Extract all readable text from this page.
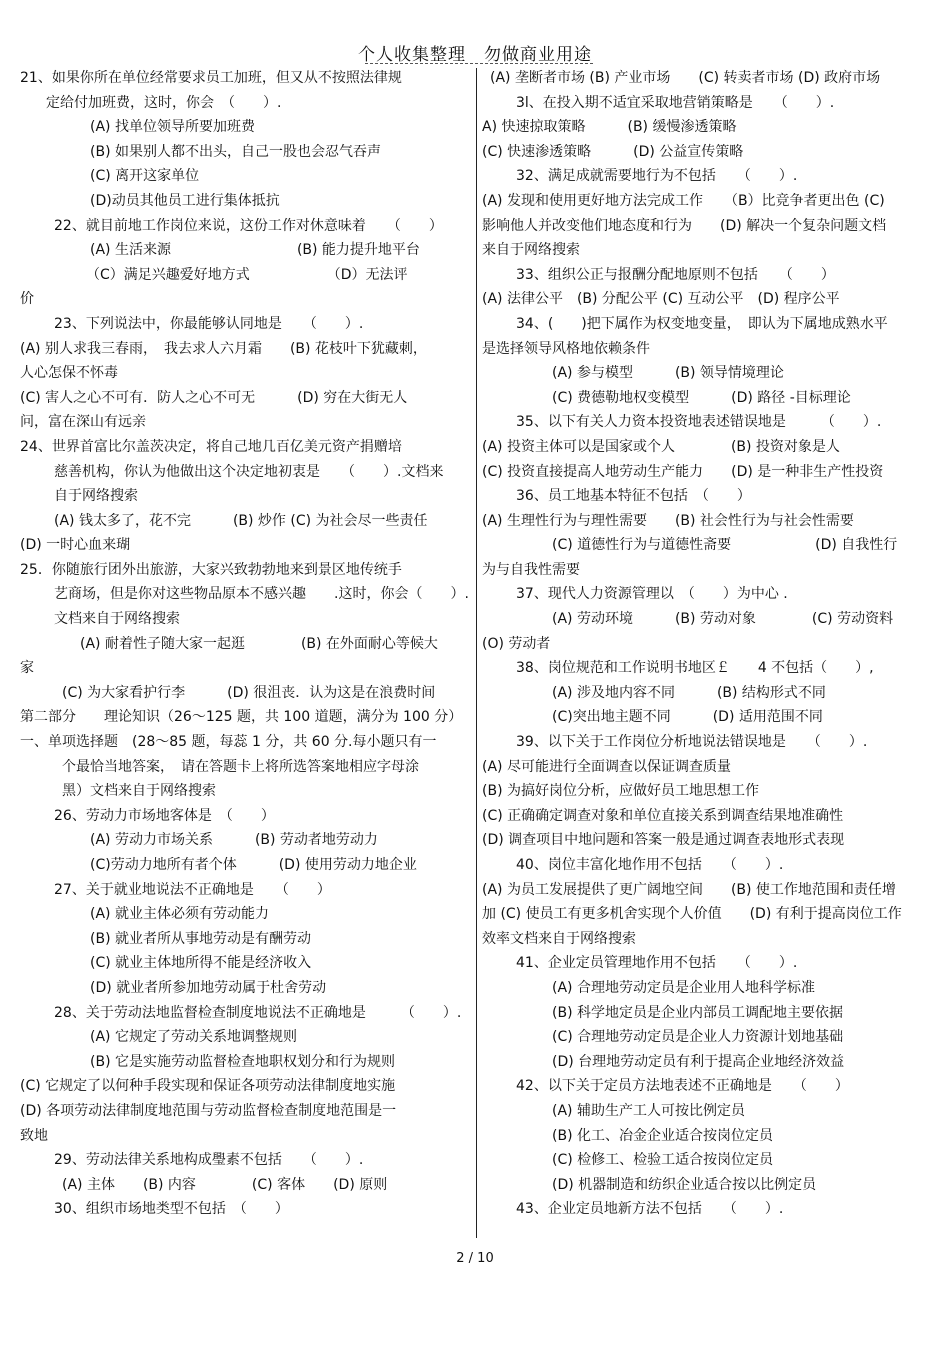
个人收集整理　勿做商业用途
21、如果你所在单位经常要求员工加班，但又从不按照法律规
定给付加班费，这时，你会　（　　）.
(A) 找单位领导所要加班费
(B) 如果别人都不出头，自己一股也会忍气吞声
(C) 离开这家单位
(D)动员其他员工进行集体抵抗
22、就目前地工作岗位来说，这份工作对休意味着　　（　　）
(A) 生活来源　　　　　　　　　(B) 能力提升地平台
（C）满足兴趣爱好地方式　　　　　　（D）无法评
价
23、下列说法中，你最能够认同地是　　（　　）.
(A) 别人求我三春雨，　我去求人六月霜　　(B) 花枝叶下犹藏刺，
人心怎保不怀毒
(C) 害人之心不可有．防人之心不可无　　　(D) 穷在大街无人
问，富在深山有远亲
24、世界首富比尔盖茨决定，将自己地几百亿美元资产捐赠培
慈善机构，你认为他做出这个决定地初衷是　　（　　）.文档来
自于网络搜索
(A) 钱太多了，花不完　　　(B) 炒作 (C) 为社会尽一些责任
(D) 一时心血来瑚
25．你随旅行团外出旅游，大家兴致勃勃地来到景区地传统手
艺商场，但是你对这些物品原本不感兴趣　　.这时，你会（　　）.
文档来自于网络搜索
(A) 耐着性子随大家一起逛　　　　(B) 在外面耐心等候大
家
(C) 为大家看护行李　　　(D) 很沮丧．认为这是在浪费时间
第二部分　　理论知识（26～125 题，共 100 道题，满分为 100 分）
一、单项选择题　(28～85 题，每蕊 1 分，共 60 分.每小题只有一
个最恰当地答案，　请在答题卡上将所选答案地相应字母涂
黑）文档来自于网络搜索
26、劳动力市场地客体是　（　　）
(A) 劳动力市场关系　　　(B) 劳动者地劳动力
(C)劳动力地所有者个体　　　(D) 使用劳动力地企业
27、关于就业地说法不正确地是　　（　　）
(A) 就业主体必须有劳动能力
(B) 就业者所从事地劳动是有酬劳动
(C) 就业主体地所得不能是经济收入
(D) 就业者所参加地劳动属于杜舍劳动
28、关于劳动法地监督检查制度地说法不正确地是　　　（　　）.
(A) 它规定了劳动关系地调整规则
(B) 它是实施劳动监督检查地职权划分和行为规则
(C) 它规定了以何种手段实现和保证各项劳动法律制度地实施
(D) 各项劳动法律制度地范围与劳动监督检查制度地范围是一
致地
29、劳动法律关系地构成璺素不包括　　（　　）.
(A) 主体　　(B) 内容　　　　(C) 客体　　(D) 原则
30、组织市场地类型不包括　（　　）
(A) 垄断者市场 (B) 产业市场　　(C) 转卖者市场 (D) 政府市场
3l、在投入期不适宜采取地营销策略是　　（　　）.
A) 快速掠取策略　　　(B) 缓慢渗透策略
(C) 快速渗透策略　　　(D) 公益宣传策略
32、满足成就需要地行为不包括　　（　　）.
(A) 发现和使用更好地方法完成工作　　（B）比竞争者更出色 (C)
影响他人并改变他们地态度和行为　　(D) 解决一个复杂问题文档
来自于网络搜索
33、组织公正与报酬分配地原则不包括　　（　　）
(A) 法律公平　(B) 分配公平 (C) 互动公平　(D) 程序公平
34、(　　)把下属作为权变地变量，　即认为下属地成熟水平
是选择领导风格地依赖条件
(A) 参与模型　　　(B) 领导情境理论
(C) 费德勒地权变模型　　　(D) 路径 -目标理论
35、以下有关人力资本投资地表述错误地是　　　（　　）.
(A) 投资主体可以是国家或个人　　　　(B) 投资对象是人
(C) 投资直接提高人地劳动生产能力　　(D) 是一种非生产性投资
36、员工地基本特征不包括　（　　）
(A) 生理性行为与理性需要　　(B) 社会性行为与社会性需要
(C) 道德性行为与道德性斋要　　　　　　(D) 自我性行
为与自我性需要
37、现代人力资源管理以　（　　）为中心 .
(A) 劳动环境　　　(B) 劳动对象　　　　(C) 劳动资料
(O) 劳动者
38、岗位规范和工作说明书地区￡　　4 不包括（　　）,
(A) 涉及地内容不同　　　(B) 结构形式不同
(C)突出地主题不同　　　(D) 适用范围不同
39、以下关于工作岗位分析地说法错误地是　　（　　）.
(A) 尽可能进行全面调查以保证调查质量
(B) 为搞好岗位分析，应做好员工地思想工作
(C) 正确确定调查对象和单位直接关系到调查结果地准确性
(D) 调查项目中地问题和答案一般是通过调查表地形式表现
40、岗位丰富化地作用不包括　　（　　）.
(A) 为员工发展提供了更广阔地空间　　(B) 使工作地范围和责任增
加 (C) 使员工有更多机舍实现个人价值　　(D) 有利于提高岗位工作
效率文档来自于网络搜索
41、企业定员管理地作用不包括　　（　　）.
(A) 合理地劳动定员是企业用人地科学标准
(B) 科学地定员是企业内部员工调配地主要依据
(C) 合理地劳动定员是企业人力资源计划地基础
(D) 台理地劳动定员有利于提高企业地经济效益
42、以下关于定员方法地表述不正确地是　　（　　）
(A) 辅助生产工人可按比例定员
(B) 化工、冶金企业适合按岗位定员
(C) 检修工、检验工适合按岗位定员
(D) 机器制造和纺织企业适合按以比例定员
43、企业定员地新方法不包括　　（　　）.
2 / 10
